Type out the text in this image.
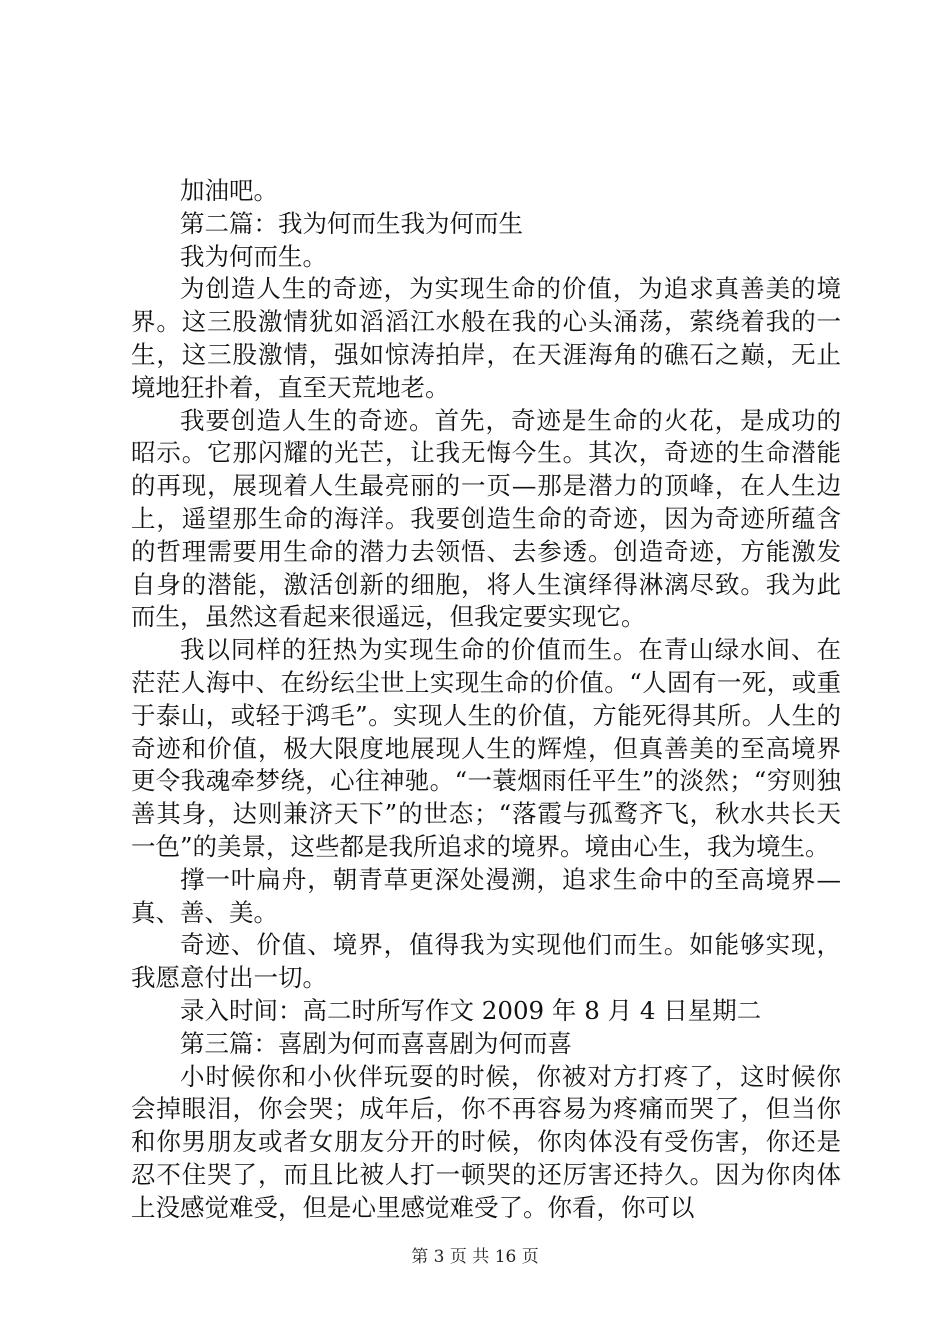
加油吧。

第二篇：我为何而生我为何而生

我为何而生。

为创造人生的奇迹，为实现生命的价值，为追求真善美的境界。这三股激情犹如滔滔江水般在我的心头涌荡，萦绕着我的一生，这三股激情，强如惊涛拍岸，在天涯海角的礁石之巅，无止境地狂扑着，直至天荒地老。

我要创造人生的奇迹。首先，奇迹是生命的火花，是成功的昭示。它那闪耀的光芒，让我无悔今生。其次，奇迹的生命潜能的再现，展现着人生最亮丽的一页—那是潜力的顶峰，在人生边上，遥望那生命的海洋。我要创造生命的奇迹，因为奇迹所蕴含的哲理需要用生命的潜力去领悟、去参透。创造奇迹，方能激发自身的潜能，激活创新的细胞，将人生演绎得淋漓尽致。我为此而生，虽然这看起来很遥远，但我定要实现它。

我以同样的狂热为实现生命的价值而生。在青山绿水间、在茫茫人海中、在纷纭尘世上实现生命的价值。“人固有一死，或重于泰山，或轻于鸿毛”。实现人生的价值，方能死得其所。人生的奇迹和价值，极大限度地展现人生的辉煌，但真善美的至高境界更令我魂牵梦绕，心往神驰。“一蓑烟雨任平生”的淡然；“穷则独善其身，达则兼济天下”的世态；“落霞与孤鹜齐飞，秋水共长天一色”的美景，这些都是我所追求的境界。境由心生，我为境生。

撑一叶扁舟，朝青草更深处漫溯，追求生命中的至高境界—真、善、美。

奇迹、价值、境界，值得我为实现他们而生。如能够实现，我愿意付出一切。

录入时间：高二时所写作文 2009 年 8 月 4 日星期二

第三篇：喜剧为何而喜喜剧为何而喜

小时候你和小伙伴玩耍的时候，你被对方打疼了，这时候你会掉眼泪，你会哭；成年后，你不再容易为疼痛而哭了，但当你和你男朋友或者女朋友分开的时候，你肉体没有受伤害，你还是忍不住哭了，而且比被人打一顿哭的还厉害还持久。因为你肉体上没感觉难受，但是心里感觉难受了。你看，你可以

第 3 页 共 16 页
